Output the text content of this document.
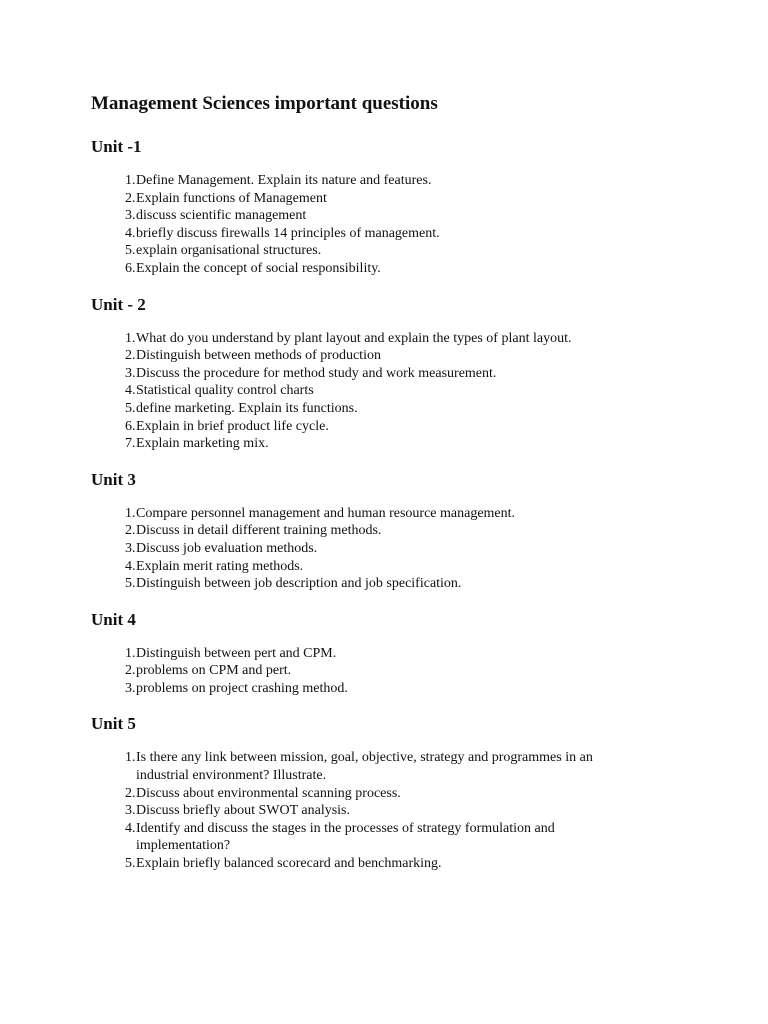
Management Sciences important questions
Unit -1
1. Define Management. Explain its nature and features.
2. Explain functions of Management
3. discuss scientific management
4. briefly discuss firewalls 14 principles of management.
5. explain organisational structures.
6. Explain the concept of social responsibility.
Unit - 2
1. What do you understand by plant layout and explain the types of plant layout.
2. Distinguish between methods of production
3. Discuss the procedure for method study and work measurement.
4. Statistical quality control charts
5. define marketing. Explain its functions.
6. Explain in brief product life cycle.
7. Explain marketing mix.
Unit 3
1. Compare personnel management and human resource management.
2. Discuss in detail different training methods.
3. Discuss job evaluation methods.
4. Explain merit rating methods.
5. Distinguish between job description and job specification.
Unit 4
1. Distinguish between pert and CPM.
2. problems on CPM and pert.
3. problems on project crashing method.
Unit 5
1. Is there any link between mission, goal, objective, strategy and programmes in an industrial environment? Illustrate.
2. Discuss about environmental scanning process.
3. Discuss briefly about SWOT analysis.
4. Identify and discuss the stages in the processes of strategy formulation and implementation?
5. Explain briefly balanced scorecard and benchmarking.
